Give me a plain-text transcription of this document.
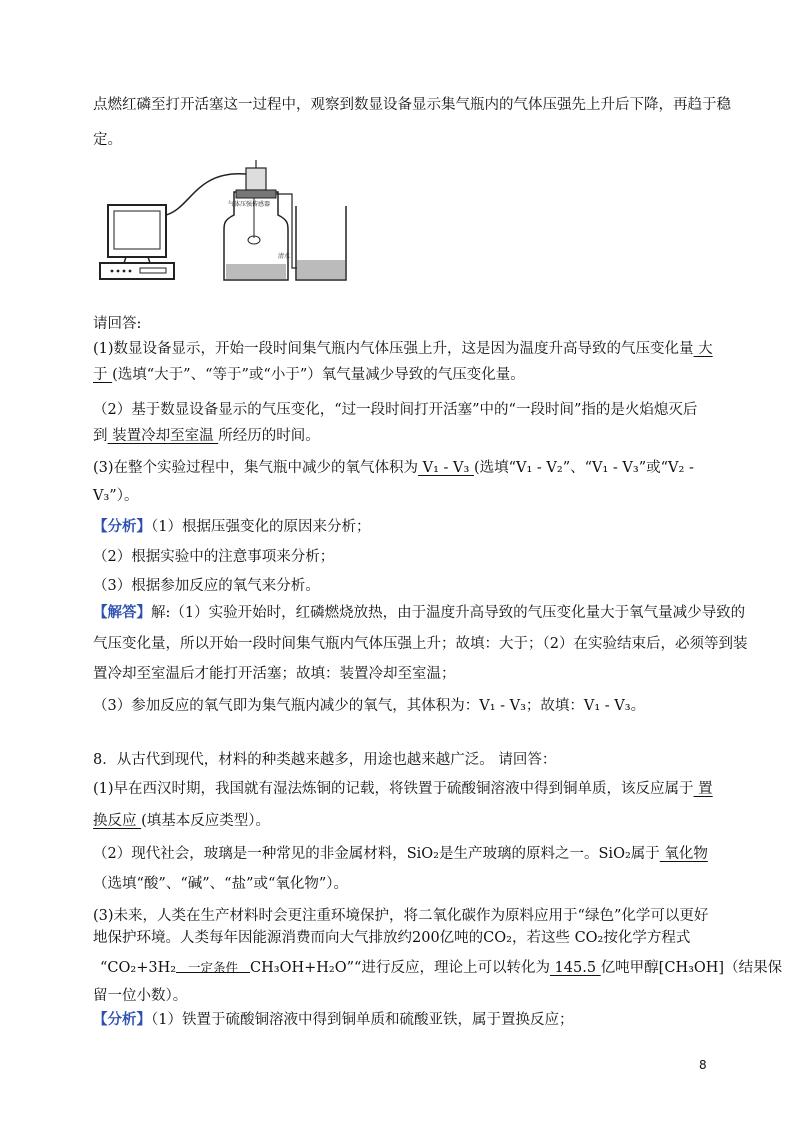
点燃红磷至打开活塞这一过程中，观察到数显设备显示集气瓶内的气体压强先上升后下降，再趋于稳
定。
气体压强传感器
清水
请回答:
(1)数显设备显示，开始一段时间集气瓶内气体压强上升，这是因为温度升高导致的气压变化量 大
于 (选填“大于”、“等于”或“小于”）氧气量减少导致的气压变化量。
（2）基于数显设备显示的气压变化，“过一段时间打开活塞”中的“一段时间”指的是火焰熄灭后
到 装置冷却至室温 所经历的时间。
(3)在整个实验过程中，集气瓶中减少的氧气体积为 V₁ - V₃ (选填“V₁ - V₂”、“V₁ - V₃”或“V₂ -
V₃”）。
【分析】（1）根据压强变化的原因来分析；
（2）根据实验中的注意事项来分析；
（3）根据参加反应的氧气来分析。
【解答】解:（1）实验开始时，红磷燃烧放热，由于温度升高导致的气压变化量大于氧气量减少导致的
气压变化量，所以开始一段时间集气瓶内气体压强上升；故填：大于；（2）在实验结束后，必须等到装
置冷却至室温后才能打开活塞；故填：装置冷却至室温；
（3）参加反应的氧气即为集气瓶内减少的氧气，其体积为：V₁ - V₃；故填：V₁ - V₃。
8．从古代到现代，材料的种类越来越多，用途也越来越广泛。 请回答：
(1)早在西汉时期，我国就有湿法炼铜的记载，将铁置于硫酸铜溶液中得到铜单质，该反应属于 置
换反应 (填基本反应类型）。
（2）现代社会，玻璃是一种常见的非金属材料，SiO₂是生产玻璃的原料之一。SiO₂属于 氧化物
（选填“酸”、“碱”、“盐”或“氧化物”）。
(3)未来，人类在生产材料时会更注重环境保护，将二氧化碳作为原料应用于“绿色”化学可以更好
地保护环境。人类每年因能源消费而向大气排放约200亿吨的CO₂，若这些 CO₂按化学方程式
“CO₂+3H₂ 一定条件 CH₃OH+H₂O”“进行反应，理论上可以转化为 145.5 亿吨甲醇[CH₃OH]（结果保
留一位小数）。
【分析】（1）铁置于硫酸铜溶液中得到铜单质和硫酸亚铁，属于置换反应；
8
